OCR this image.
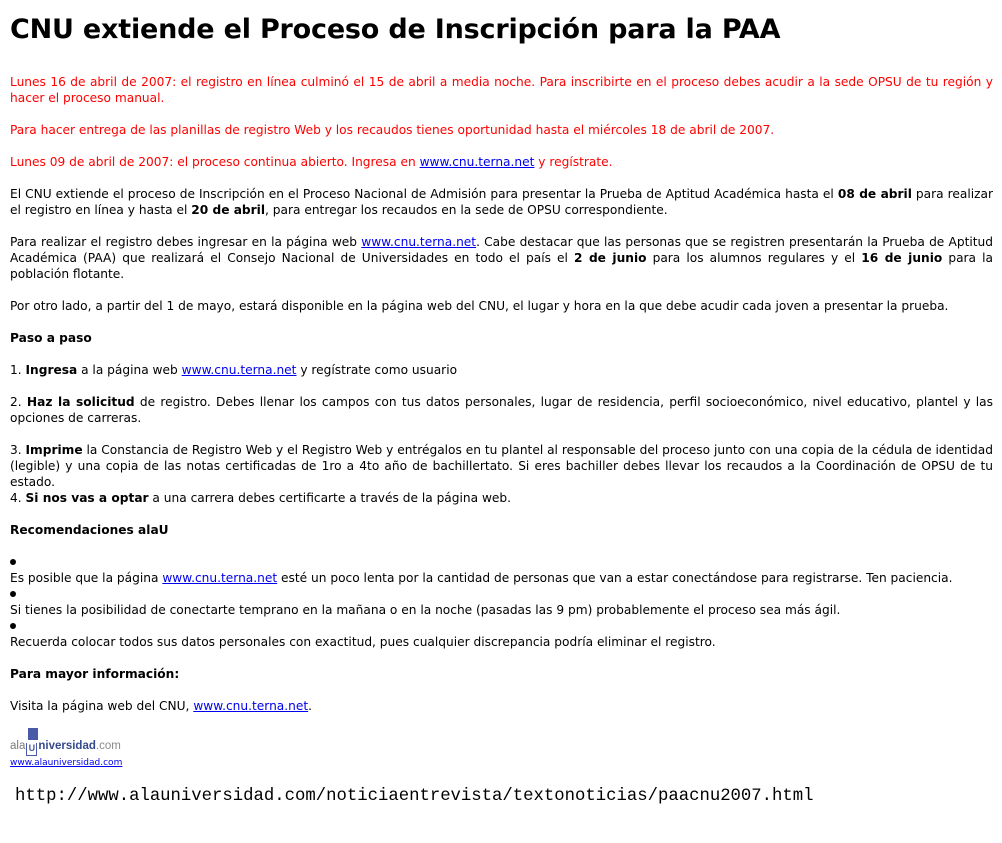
CNU extiende el Proceso de Inscripción para la PAA

Lunes 16 de abril de 2007: el registro en línea culminó el 15 de abril a media noche. Para inscribirte en el proceso debes acudir a la sede OPSU de tu región y hacer el proceso manual.

Para hacer entrega de las planillas de registro Web y los recaudos tienes oportunidad hasta el miércoles 18 de abril de 2007.

Lunes 09 de abril de 2007: el proceso continua abierto. Ingresa en www.cnu.terna.net y regístrate.

El CNU extiende el proceso de Inscripción en el Proceso Nacional de Admisión para presentar la Prueba de Aptitud Académica hasta el 08 de abril para realizar el registro en línea y hasta el 20 de abril, para entregar los recaudos en la sede de OPSU correspondiente.

Para realizar el registro debes ingresar en la página web www.cnu.terna.net. Cabe destacar que las personas que se registren presentarán la Prueba de Aptitud Académica (PAA) que realizará el Consejo Nacional de Universidades en todo el país el 2 de junio para los alumnos regulares y el 16 de junio para la población flotante.

Por otro lado, a partir del 1 de mayo, estará disponible en la página web del CNU, el lugar y hora en la que debe acudir cada joven a presentar la prueba.

Paso a paso

1. Ingresa a la página web www.cnu.terna.net y regístrate como usuario

2. Haz la solicitud de registro. Debes llenar los campos con tus datos personales, lugar de residencia, perfil socioeconómico, nivel educativo, plantel y las opciones de carreras.

3. Imprime la Constancia de Registro Web y el Registro Web y entrégalos en tu plantel al responsable del proceso junto con una copia de la cédula de identidad (legible) y una copia de las notas certificadas de 1ro a 4to año de bachillertato. Si eres bachiller debes llevar los recaudos a la Coordinación de OPSU de tu estado.

4. Si nos vas a optar a una carrera debes certificarte a través de la página web.

Recomendaciones alaU

Es posible que la página www.cnu.terna.net esté un poco lenta por la cantidad de personas que van a estar conectándose para registrarse. Ten paciencia.
Si tienes la posibilidad de conectarte temprano en la mañana o en la noche (pasadas las 9 pm) probablemente el proceso sea más ágil.
Recuerda colocar todos sus datos personales con exactitud, pues cualquier discrepancia podría eliminar el registro.

Para mayor información:

Visita la página web del CNU, www.cnu.terna.net.

ala U niversidad.com
www.alauniversidad.com
http://www.alauniversidad.com/noticiaentrevista/textonoticias/paacnu2007.html
